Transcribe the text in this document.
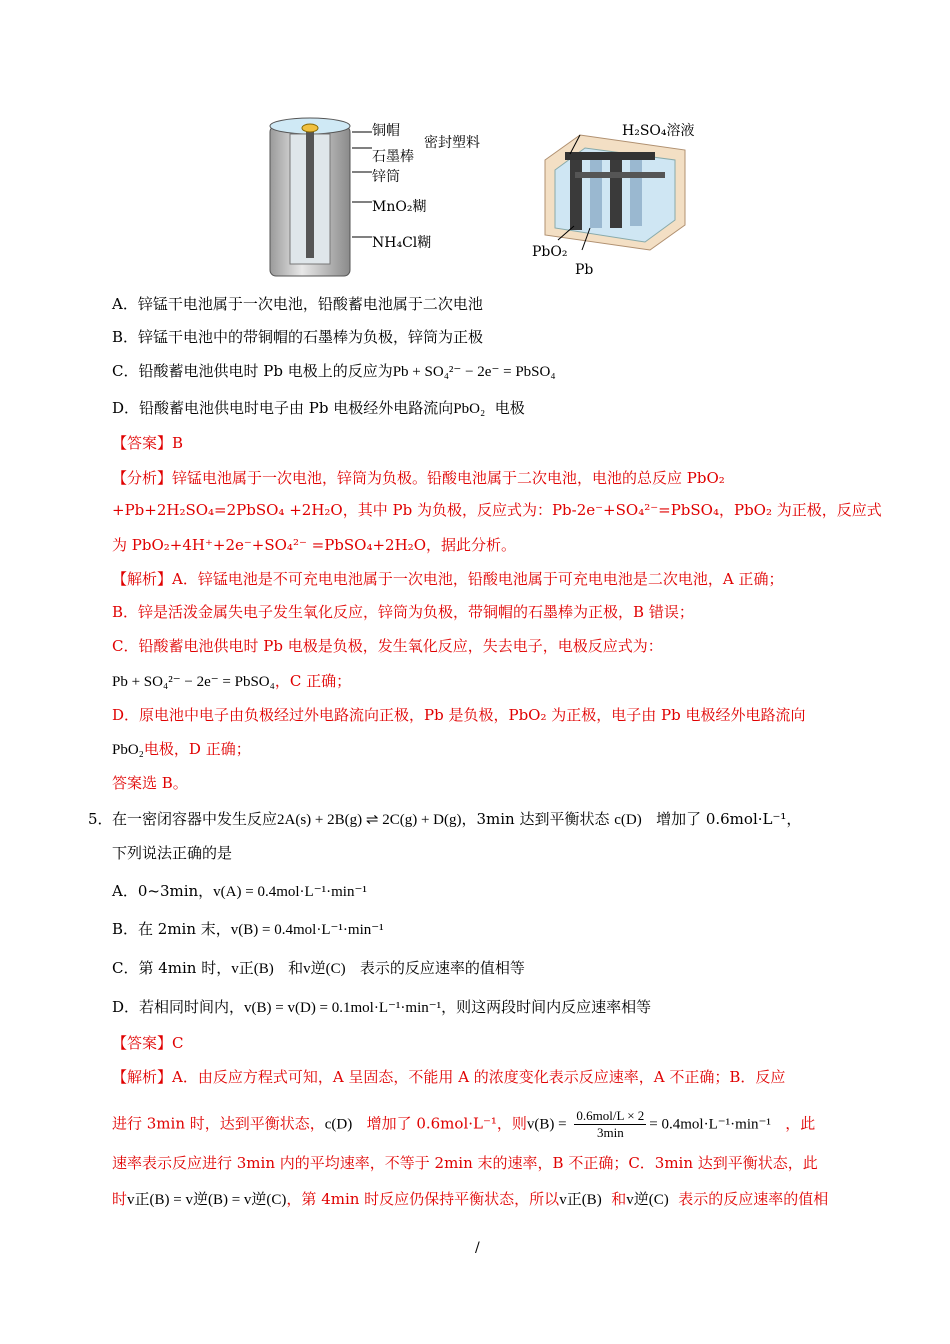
铜帽
密封塑料
石墨棒
锌筒
MnO₂糊
NH₄Cl糊
H₂SO₄溶液
PbO₂
Pb
A．锌锰干电池属于一次电池，铅酸蓄电池属于二次电池
B．锌锰干电池中的带铜帽的石墨棒为负极，锌筒为正极
C．铅酸蓄电池供电时 Pb 电极上的反应为Pb + SO₄²⁻ − 2e⁻ = PbSO₄
D．铅酸蓄电池供电时电子由 Pb 电极经外电路流向PbO₂ 电极
【答案】B
【分析】锌锰电池属于一次电池，锌筒为负极。铅酸电池属于二次电池，电池的总反应 PbO₂
+Pb+2H₂SO₄=2PbSO₄ +2H₂O，其中 Pb 为负极，反应式为：Pb-2e⁻+SO₄²⁻=PbSO₄，PbO₂ 为正极，反应式
为 PbO₂+4H⁺+2e⁻+SO₄²⁻ =PbSO₄+2H₂O，据此分析。
【解析】A．锌锰电池是不可充电电池属于一次电池，铅酸电池属于可充电电池是二次电池，A 正确；
B．锌是活泼金属失电子发生氧化反应，锌筒为负极，带铜帽的石墨棒为正极，B 错误；
C．铅酸蓄电池供电时 Pb 电极是负极，发生氧化反应，失去电子，电极反应式为：
Pb + SO₄²⁻ − 2e⁻ = PbSO₄，C 正确；
D．原电池中电子由负极经过外电路流向正极，Pb 是负极，PbO₂ 为正极，电子由 Pb 电极经外电路流向
PbO₂电极，D 正确；
答案选 B。
5． 在一密闭容器中发生反应2A(s) + 2B(g) ⇌ 2C(g) + D(g)，3min 达到平衡状态 c(D) 增加了 0.6mol·L⁻¹，
下列说法正确的是
A．0~3min，v(A) = 0.4mol·L⁻¹·min⁻¹
B．在 2min 末，v(B) = 0.4mol·L⁻¹·min⁻¹
C．第 4min 时，v正(B) 和v逆(C) 表示的反应速率的值相等
D．若相同时间内，v(B) = v(D) = 0.1mol·L⁻¹·min⁻¹，则这两段时间内反应速率相等
【答案】C
【解析】A．由反应方程式可知，A 呈固态，不能用 A 的浓度变化表示反应速率，A 不正确；B．反应
进行 3min 时，达到平衡状态，c(D) 增加了 0.6mol·L⁻¹，则v(B) =
0.6mol/L × 2
3min	= 0.4mol·L⁻¹·min⁻¹ ，此
速率表示反应进行 3min 内的平均速率，不等于 2min 末的速率，B 不正确；C．3min 达到平衡状态，此
时v正(B) = v逆(B) = v逆(C)，第 4min 时反应仍保持平衡状态，所以v正(B) 和v逆(C) 表示的反应速率的值相
/
